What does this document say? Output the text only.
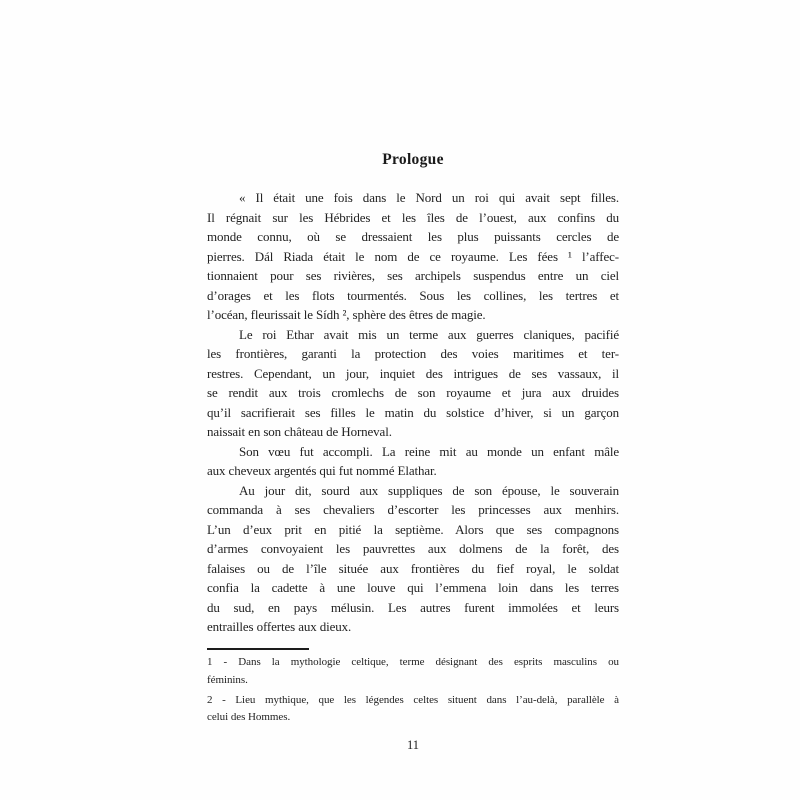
Prologue
« Il était une fois dans le Nord un roi qui avait sept filles.
Il régnait sur les Hébrides et les îles de l’ouest, aux confins du
monde connu, où se dressaient les plus puissants cercles de
pierres. Dál Riada était le nom de ce royaume. Les fées ¹ l’affec-
tionnaient pour ses rivières, ses archipels suspendus entre un ciel
d’orages et les flots tourmentés. Sous les collines, les tertres et
l’océan, fleurissait le Sídh ², sphère des êtres de magie.
Le roi Ethar avait mis un terme aux guerres claniques, pacifié
les frontières, garanti la protection des voies maritimes et ter-
restres. Cependant, un jour, inquiet des intrigues de ses vassaux, il
se rendit aux trois cromlechs de son royaume et jura aux druides
qu’il sacrifierait ses filles le matin du solstice d’hiver, si un garçon
naissait en son château de Horneval.
Son vœu fut accompli. La reine mit au monde un enfant mâle
aux cheveux argentés qui fut nommé Elathar.
Au jour dit, sourd aux suppliques de son épouse, le souverain
commanda à ses chevaliers d’escorter les princesses aux menhirs.
L’un d’eux prit en pitié la septième. Alors que ses compagnons
d’armes convoyaient les pauvrettes aux dolmens de la forêt, des
falaises ou de l’île située aux frontières du fief royal, le soldat
confia la cadette à une louve qui l’emmena loin dans les terres
du sud, en pays mélusin. Les autres furent immolées et leurs
entrailles offertes aux dieux.
1 - Dans la mythologie celtique, terme désignant des esprits masculins ou
féminins.
2 - Lieu mythique, que les légendes celtes situent dans l’au-delà, parallèle à
celui des Hommes.
11
